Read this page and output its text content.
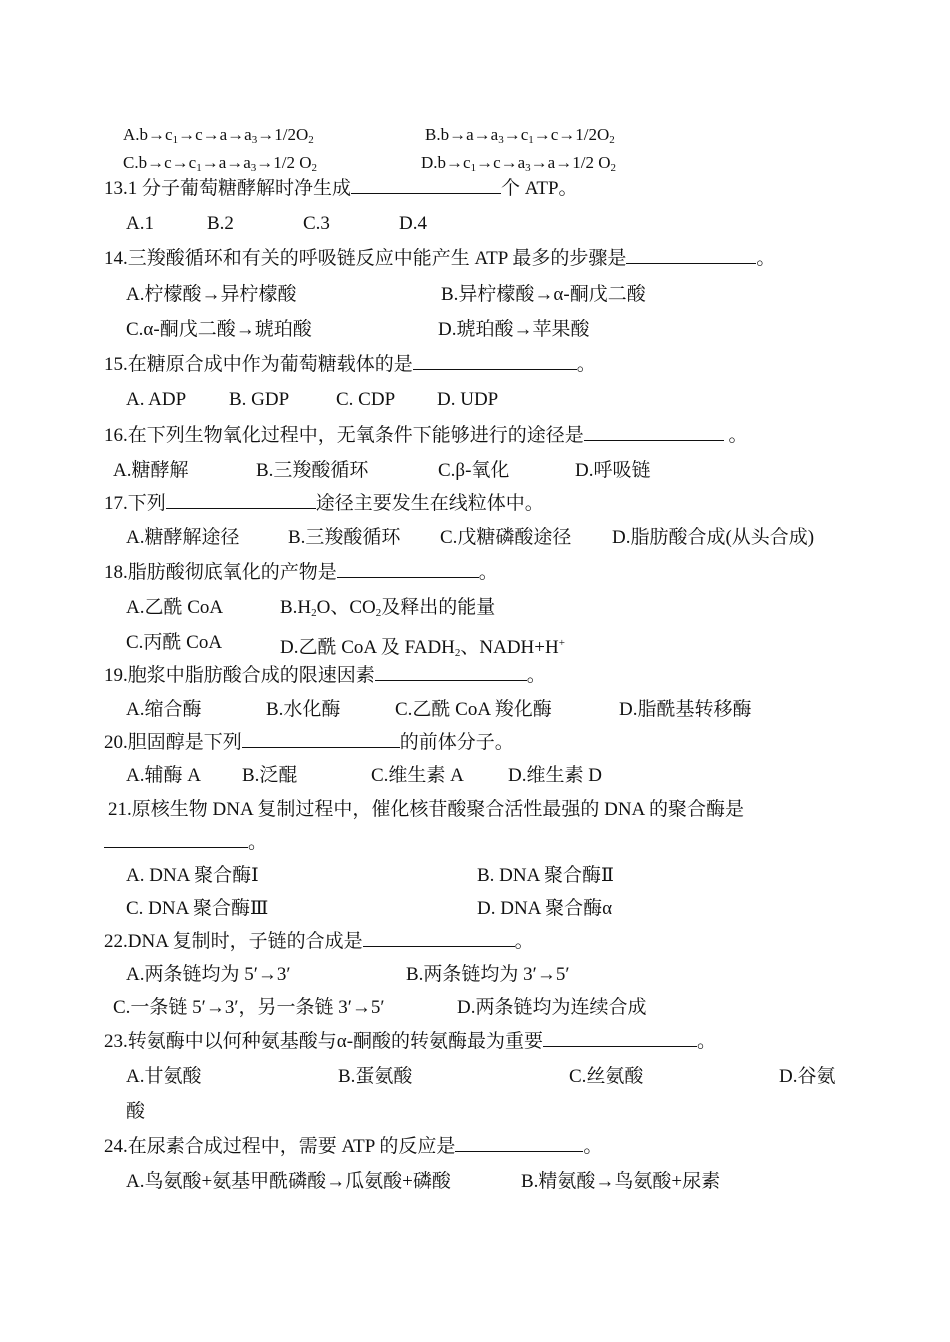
$A.b\to c_1\to c\to a\to a_3\to 1/2O_2$	$B.b\to a\to a_3\to c_1\to c\to 1/2O_2$
$C.b\to c\to c_1\to a\to a_3\to 1/2$ $O_2$	$D.b\to c_1\to c\to a_3\to a\to 1/2$ $O_2$
13.1 分子葡萄糖酵解时净生成	个 ATP。
A.1	B.2	C.3	D.4
14.三羧酸循环和有关的呼吸链反应中能产生 ATP 最多的步骤是	。
A.柠檬酸→异柠檬酸	B.异柠檬酸→α-酮戊二酸
C.α-酮戊二酸→琥珀酸	D.琥珀酸→苹果酸
15.在糖原合成中作为葡萄糖载体的是	。
A. ADP B. GDP C. CDP D. UDP
16.在下列生物氧化过程中，无氧条件下能够进行的途径是	。
A.糖酵解	B.三羧酸循环	C.β-氧化	D.呼吸链
17.下列	途径主要发生在线粒体中。
A.糖酵解途径	B.三羧酸循环 C.戊糖磷酸途径 D.脂肪酸合成(从头合成)
18.脂肪酸彻底氧化的产物是	。
A.乙酰 CoA	$B.H_2O$、$CO_2$及释出的能量
C.丙酰 CoA	D.乙酰 CoA 及 $FADH_2$、NADH+H+
19.胞浆中脂肪酸合成的限速因素	。
A.缩合酶	B.水化酶	C.乙酰 CoA 羧化酶	D.脂酰基转移酶
20.胆固醇是下列	的前体分子。
A.辅酶 A B.泛醌	C.维生素 A D.维生素 D
21.原核生物 DNA 复制过程中，催化核苷酸聚合活性最强的 DNA 的聚合酶是
。
A. DNA 聚合酶Ⅰ	B. DNA 聚合酶Ⅱ
C. DNA 聚合酶Ⅲ	D. DNA 聚合酶α
22.DNA 复制时，子链的合成是	。
A.两条链均为 5′→3′	B.两条链均为 3′→5′
C.一条链 5′→3′，另一条链 3′→5′	D.两条链均为连续合成
23.转氨酶中以何种氨基酸与α-酮酸的转氨酶最为重要	。
A.甘氨酸	B.蛋氨酸	C.丝氨酸	D.谷氨
酸
24.在尿素合成过程中，需要 ATP 的反应是	。
A.鸟氨酸+氨基甲酰磷酸→瓜氨酸+磷酸	B.精氨酸→鸟氨酸+尿素
